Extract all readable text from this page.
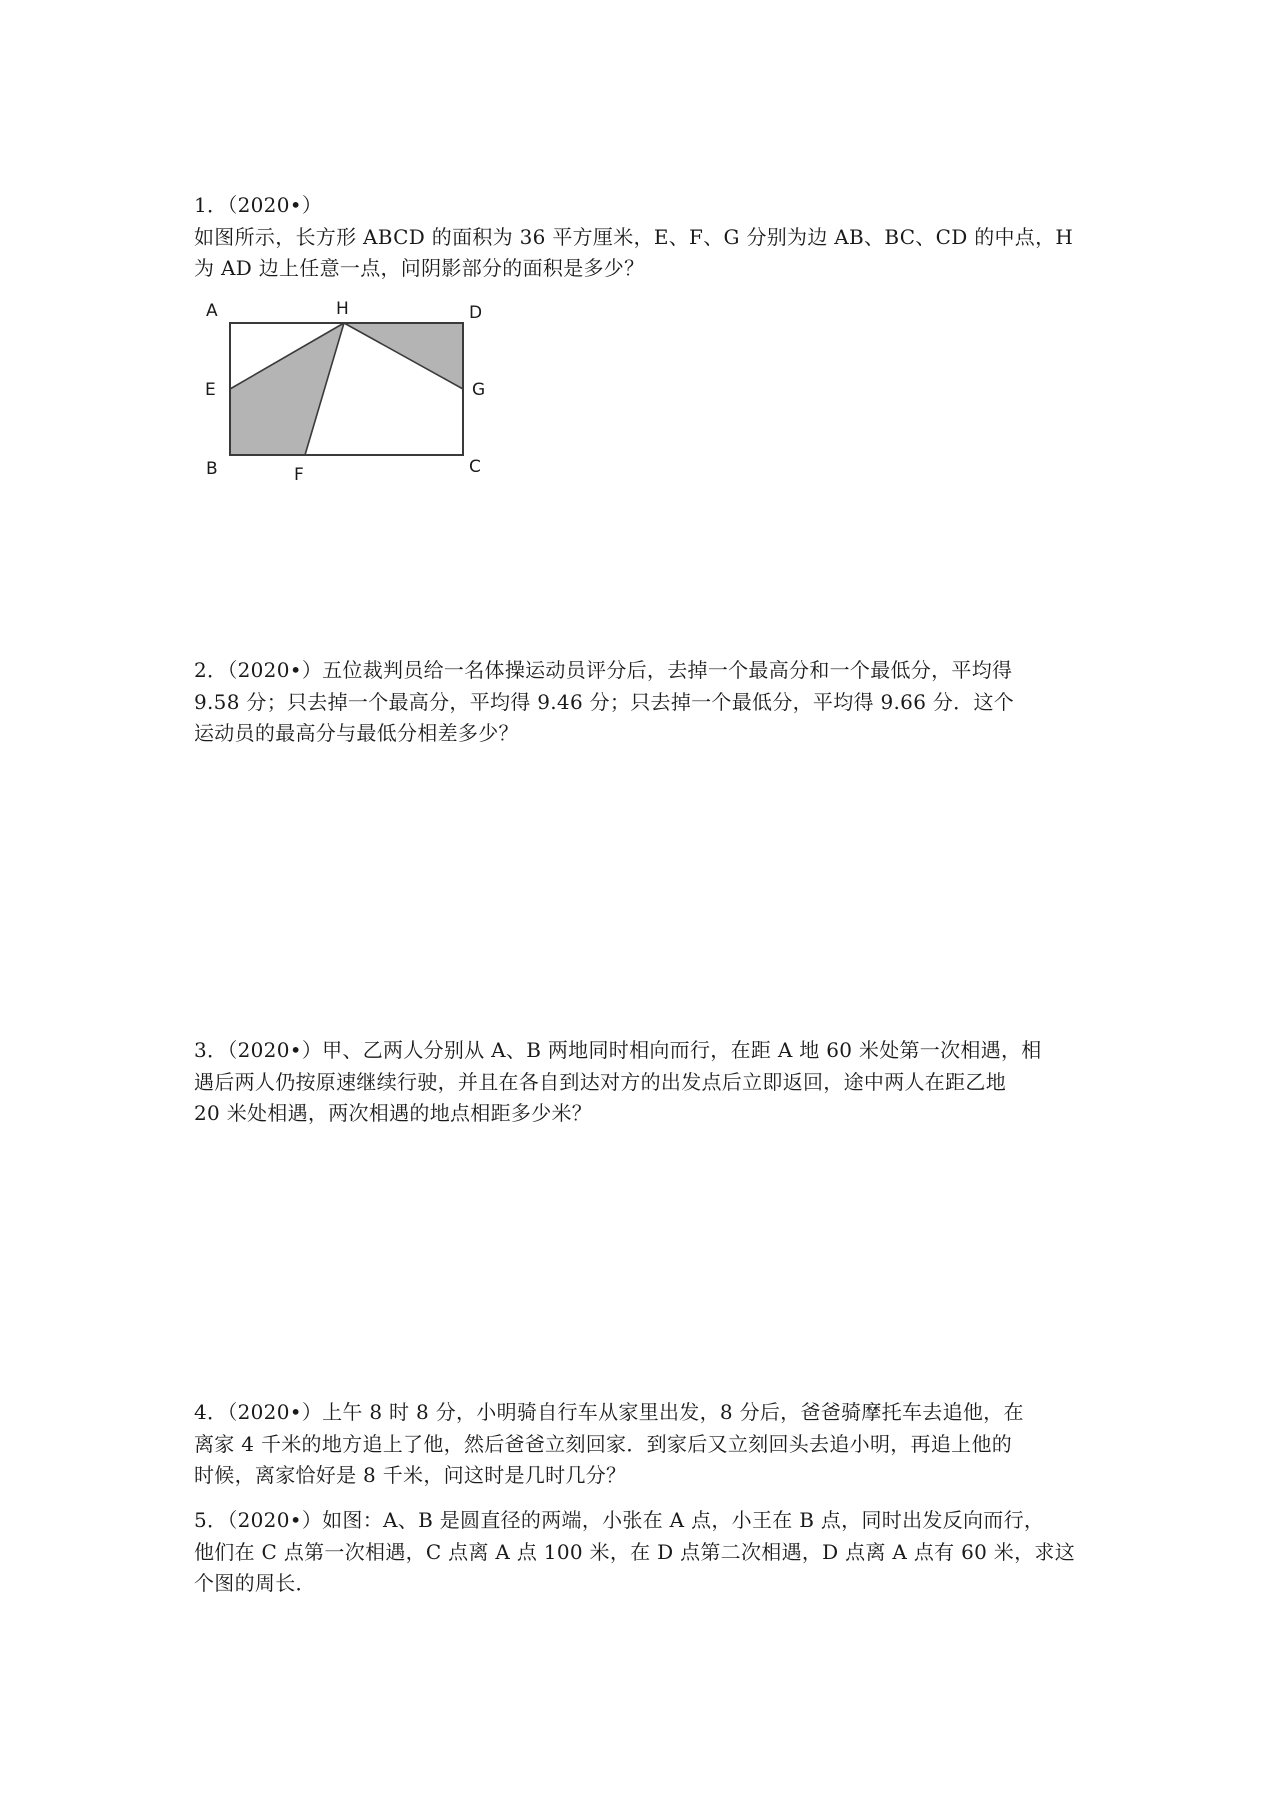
1．（2020•）
如图所示，长方形 ABCD 的面积为 36 平方厘米，E、F、G 分别为边 AB、BC、CD 的中点，H
为 AD 边上任意一点，问阴影部分的面积是多少？
A	H	D
E	G
B	F	C
2．（2020•）五位裁判员给一名体操运动员评分后，去掉一个最高分和一个最低分，平均得
9.58 分；只去掉一个最高分，平均得 9.46 分；只去掉一个最低分，平均得 9.66 分．这个
运动员的最高分与最低分相差多少？
3．（2020•）甲、乙两人分别从 A、B 两地同时相向而行，在距 A 地 60 米处第一次相遇，相
遇后两人仍按原速继续行驶，并且在各自到达对方的出发点后立即返回，途中两人在距乙地
20 米处相遇，两次相遇的地点相距多少米？
4．（2020•）上午 8 时 8 分，小明骑自行车从家里出发，8 分后，爸爸骑摩托车去追他，在
离家 4 千米的地方追上了他，然后爸爸立刻回家．到家后又立刻回头去追小明，再追上他的
时候，离家恰好是 8 千米，问这时是几时几分？
5．（2020•）如图：A、B 是圆直径的两端，小张在 A 点，小王在 B 点，同时出发反向而行，
他们在 C 点第一次相遇，C 点离 A 点 100 米，在 D 点第二次相遇，D 点离 A 点有 60 米，求这
个图的周长．
